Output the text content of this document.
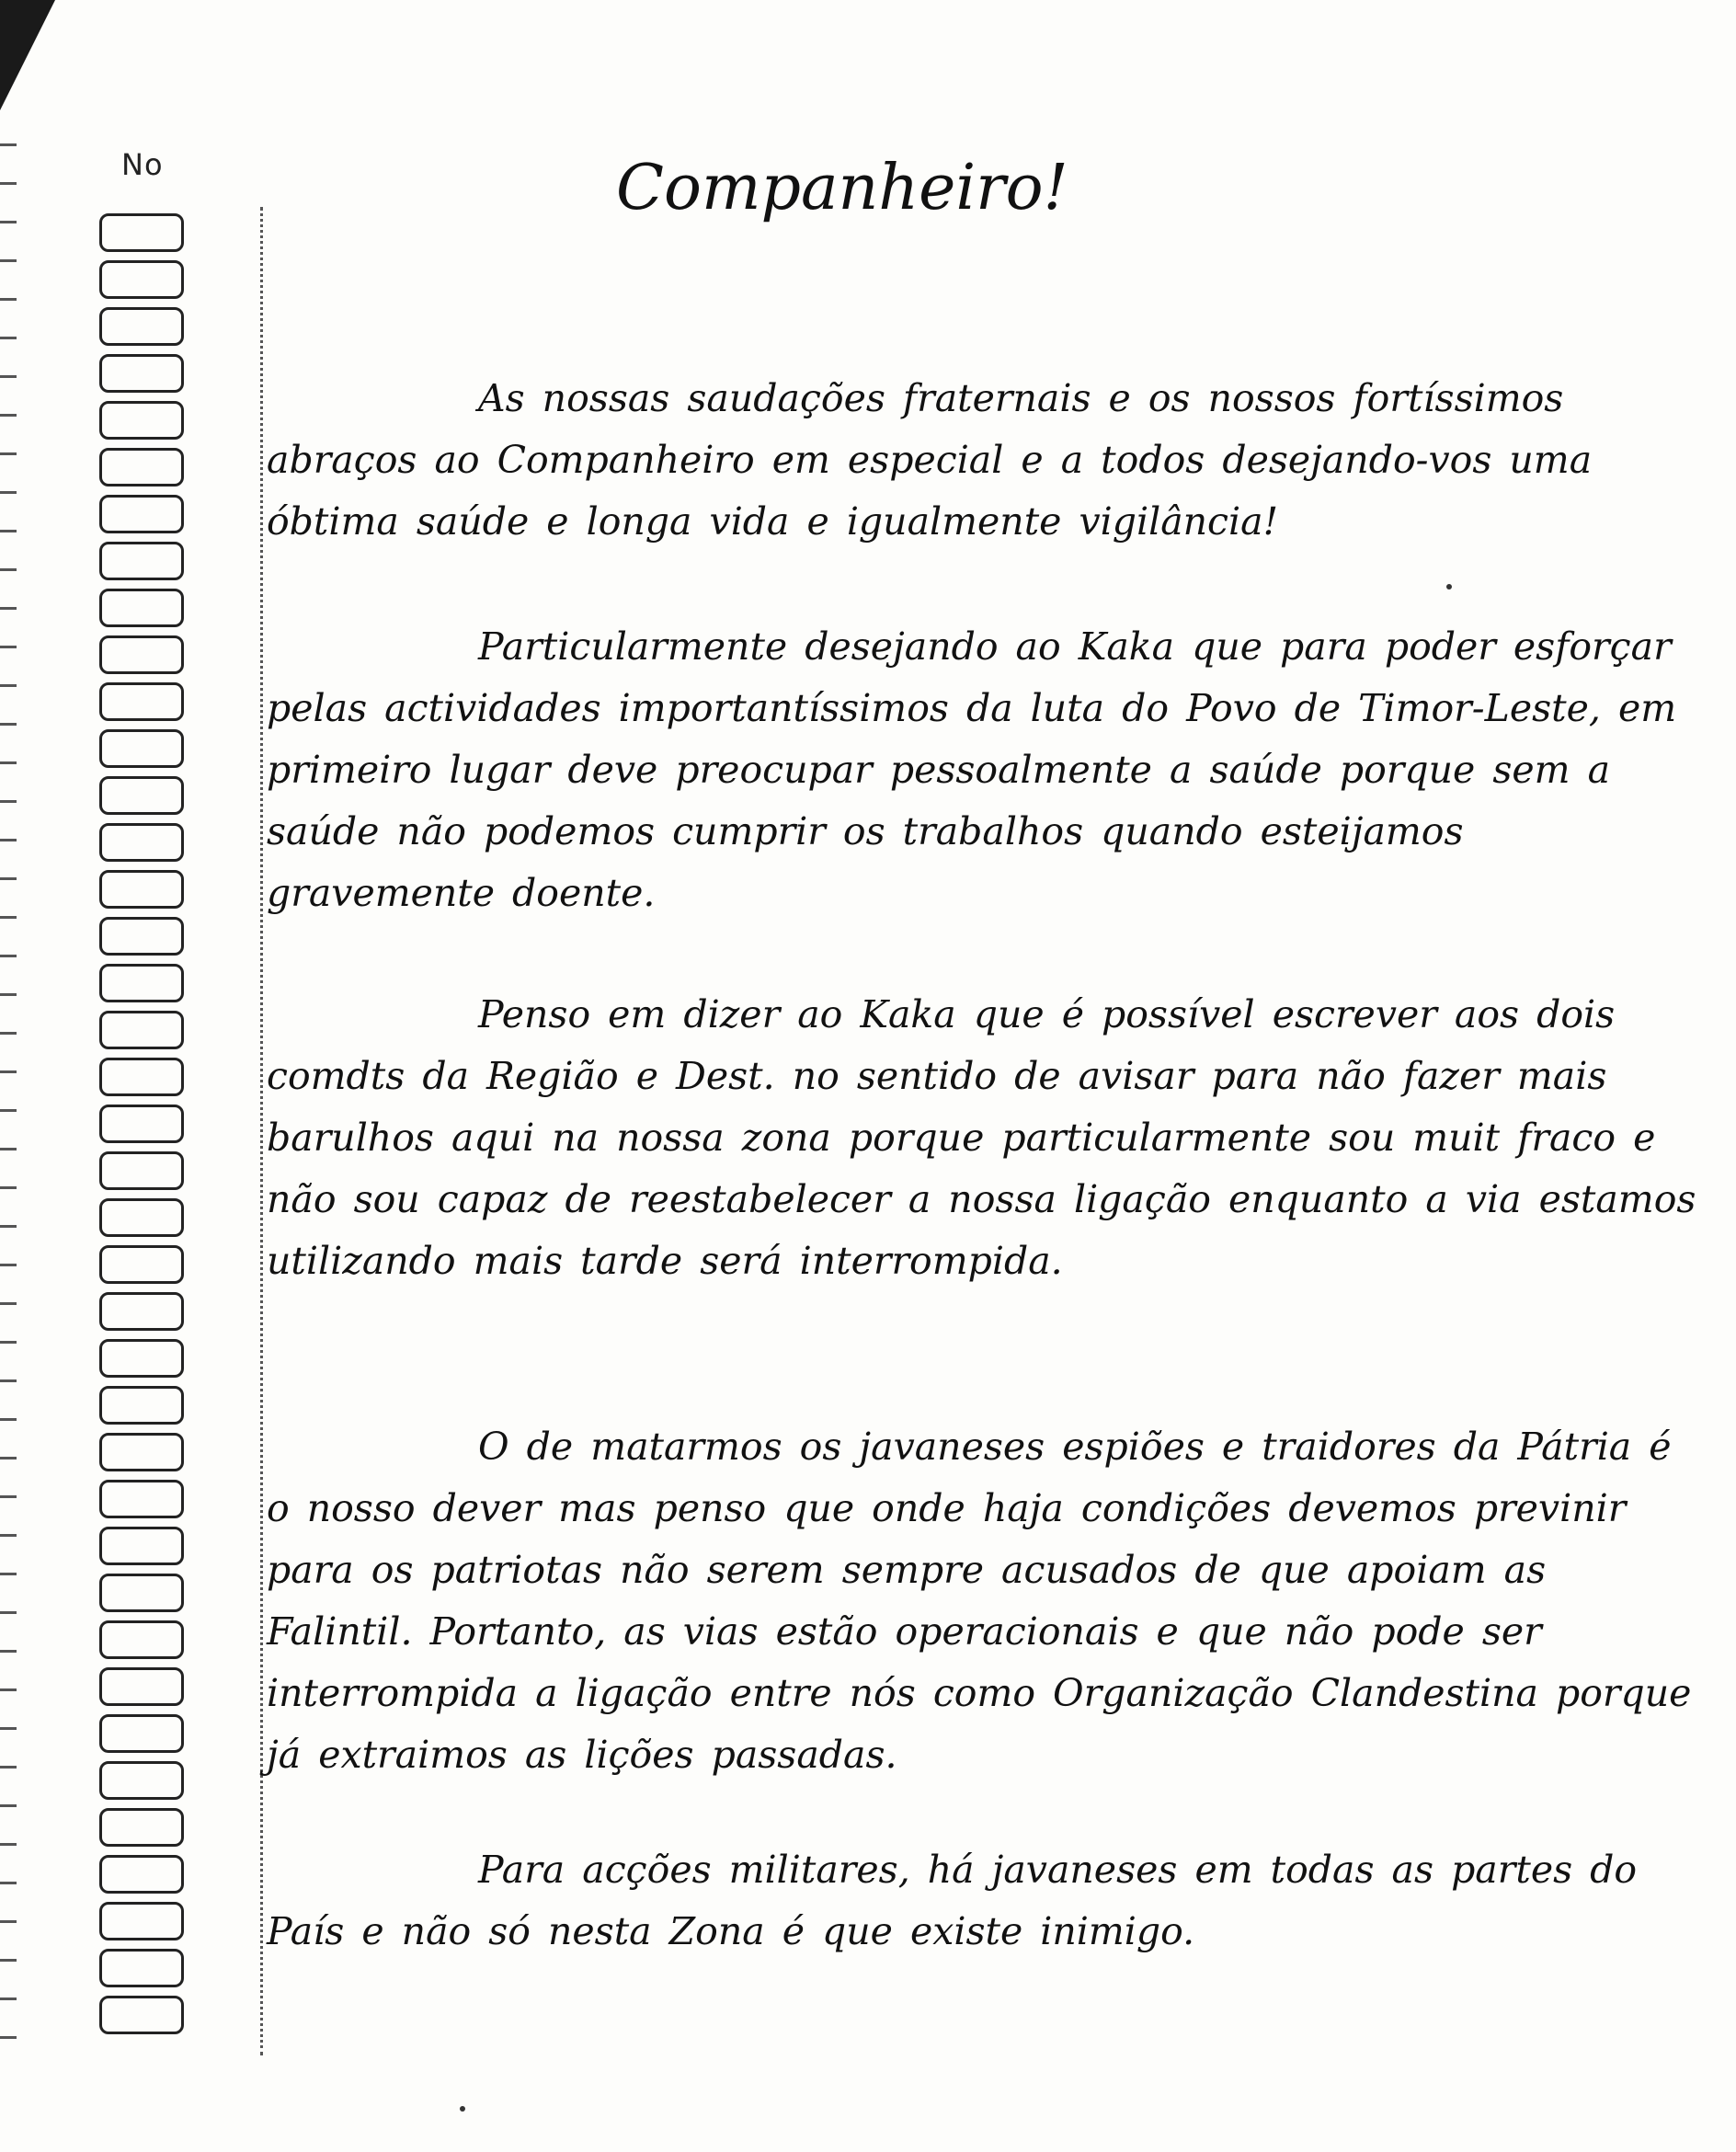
No	Companheiro!
As nossas saudações fraternais e os nossos fortíssimos abraços ao Companheiro em especial e a todos desejando-vos uma óbtima saúde e longa vida e igualmente vigilância!
Particularmente desejando ao Kaka que para poder esforçar pelas actividades importantíssimos da luta do Povo de Timor-Leste, em primeiro lugar deve preocupar pessoalmente a saúde porque sem a saúde não podemos cumprir os trabalhos quando esteijamos gravemente doente.
Penso em dizer ao Kaka que é possível escrever aos dois comdts da Região e Dest. no sentido de avisar para não fazer mais barulhos aqui na nossa zona porque particularmente sou muit fraco e não sou capaz de reestabelecer a nossa ligação enquanto a via estamos utilizando mais tarde será interrompida.
O de matarmos os javaneses espiões e traidores da Pátria é o nosso dever mas penso que onde haja condições devemos previnir para os patriotas não serem sempre acusados de que apoiam as Falintil. Portanto, as vias estão operacionais e que não pode ser interrompida a ligação entre nós como Organização Clandestina porque já extraimos as lições passadas.
Para acções militares, há javaneses em todas as partes do País e não só nesta Zona é que existe inimigo.
